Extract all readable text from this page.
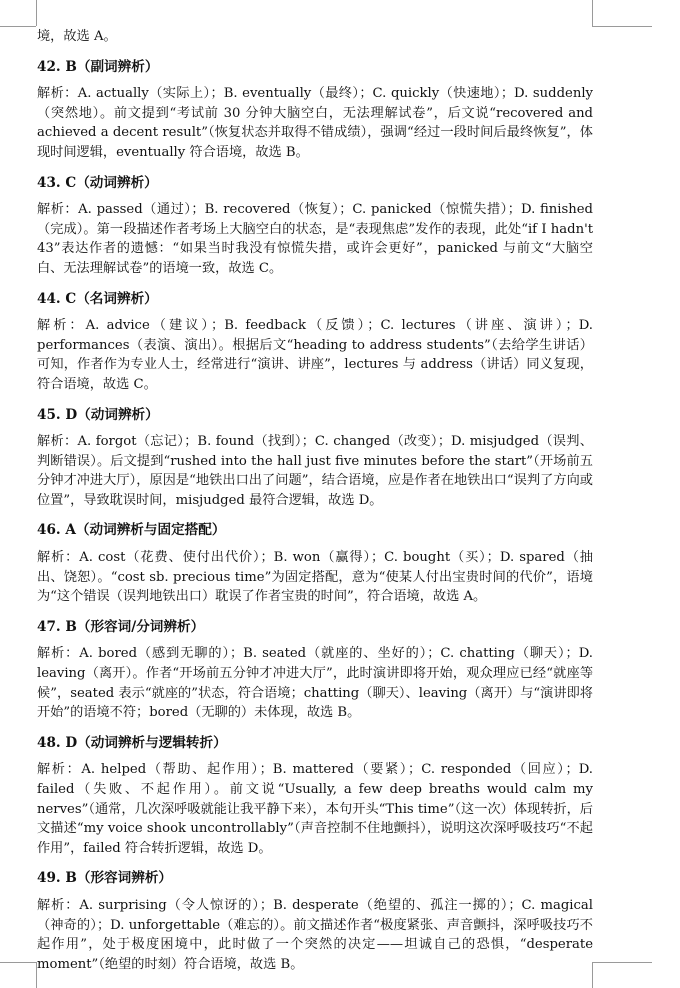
境，故选 A。

42. B（副词辨析）

解析：A. actually（实际上）；B. eventually（最终）；C. quickly（快速地）；D. suddenly（突然地）。前文提到“考试前 30 分钟大脑空白，无法理解试卷”，后文说“recovered and achieved a decent result”（恢复状态并取得不错成绩），强调“经过一段时间后最终恢复”，体现时间逻辑，eventually 符合语境，故选 B。

43. C（动词辨析）

解析：A. passed（通过）；B. recovered（恢复）；C. panicked（惊慌失措）；D. finished（完成）。第一段描述作者考场上大脑空白的状态，是“表现焦虑”发作的表现，此处“if I hadn't 43”表达作者的遗憾：“如果当时我没有惊慌失措，或许会更好”，panicked 与前文“大脑空白、无法理解试卷”的语境一致，故选 C。

44. C（名词辨析）

解析：A. advice（建议）；B. feedback（反馈）；C. lectures（讲座、演讲）；D. performances（表演、演出）。根据后文“heading to address students”（去给学生讲话）可知，作者作为专业人士，经常进行“演讲、讲座”，lectures 与 address（讲话）同义复现，符合语境，故选 C。

45. D（动词辨析）

解析：A. forgot（忘记）；B. found（找到）；C. changed（改变）；D. misjudged（误判、判断错误）。后文提到“rushed into the hall just five minutes before the start”（开场前五分钟才冲进大厅），原因是“地铁出口出了问题”，结合语境，应是作者在地铁出口“误判了方向或位置”，导致耽误时间，misjudged 最符合逻辑，故选 D。

46. A（动词辨析与固定搭配）

解析：A. cost（花费、使付出代价）；B. won（赢得）；C. bought（买）；D. spared（抽出、饶恕）。“cost sb. precious time”为固定搭配，意为“使某人付出宝贵时间的代价”，语境为“这个错误（误判地铁出口）耽误了作者宝贵的时间”，符合语境，故选 A。

47. B（形容词/分词辨析）

解析：A. bored（感到无聊的）；B. seated（就座的、坐好的）；C. chatting（聊天）；D. leaving（离开）。作者“开场前五分钟才冲进大厅”，此时演讲即将开始，观众理应已经“就座等候”，seated 表示“就座的”状态，符合语境；chatting（聊天）、leaving（离开）与“演讲即将开始”的语境不符；bored（无聊的）未体现，故选 B。

48. D（动词辨析与逻辑转折）

解析：A. helped（帮助、起作用）；B. mattered（要紧）；C. responded（回应）；D. failed（失败、不起作用）。前文说“Usually, a few deep breaths would calm my nerves”（通常，几次深呼吸就能让我平静下来），本句开头“This time”（这一次）体现转折，后文描述“my voice shook uncontrollably”（声音控制不住地颤抖），说明这次深呼吸技巧“不起作用”，failed 符合转折逻辑，故选 D。

49. B（形容词辨析）

解析：A. surprising（令人惊讶的）；B. desperate（绝望的、孤注一掷的）；C. magical（神奇的）；D. unforgettable（难忘的）。前文描述作者“极度紧张、声音颤抖，深呼吸技巧不起作用”，处于极度困境中，此时做了一个突然的决定——坦诚自己的恐惧，“desperate moment”（绝望的时刻）符合语境，故选 B。
